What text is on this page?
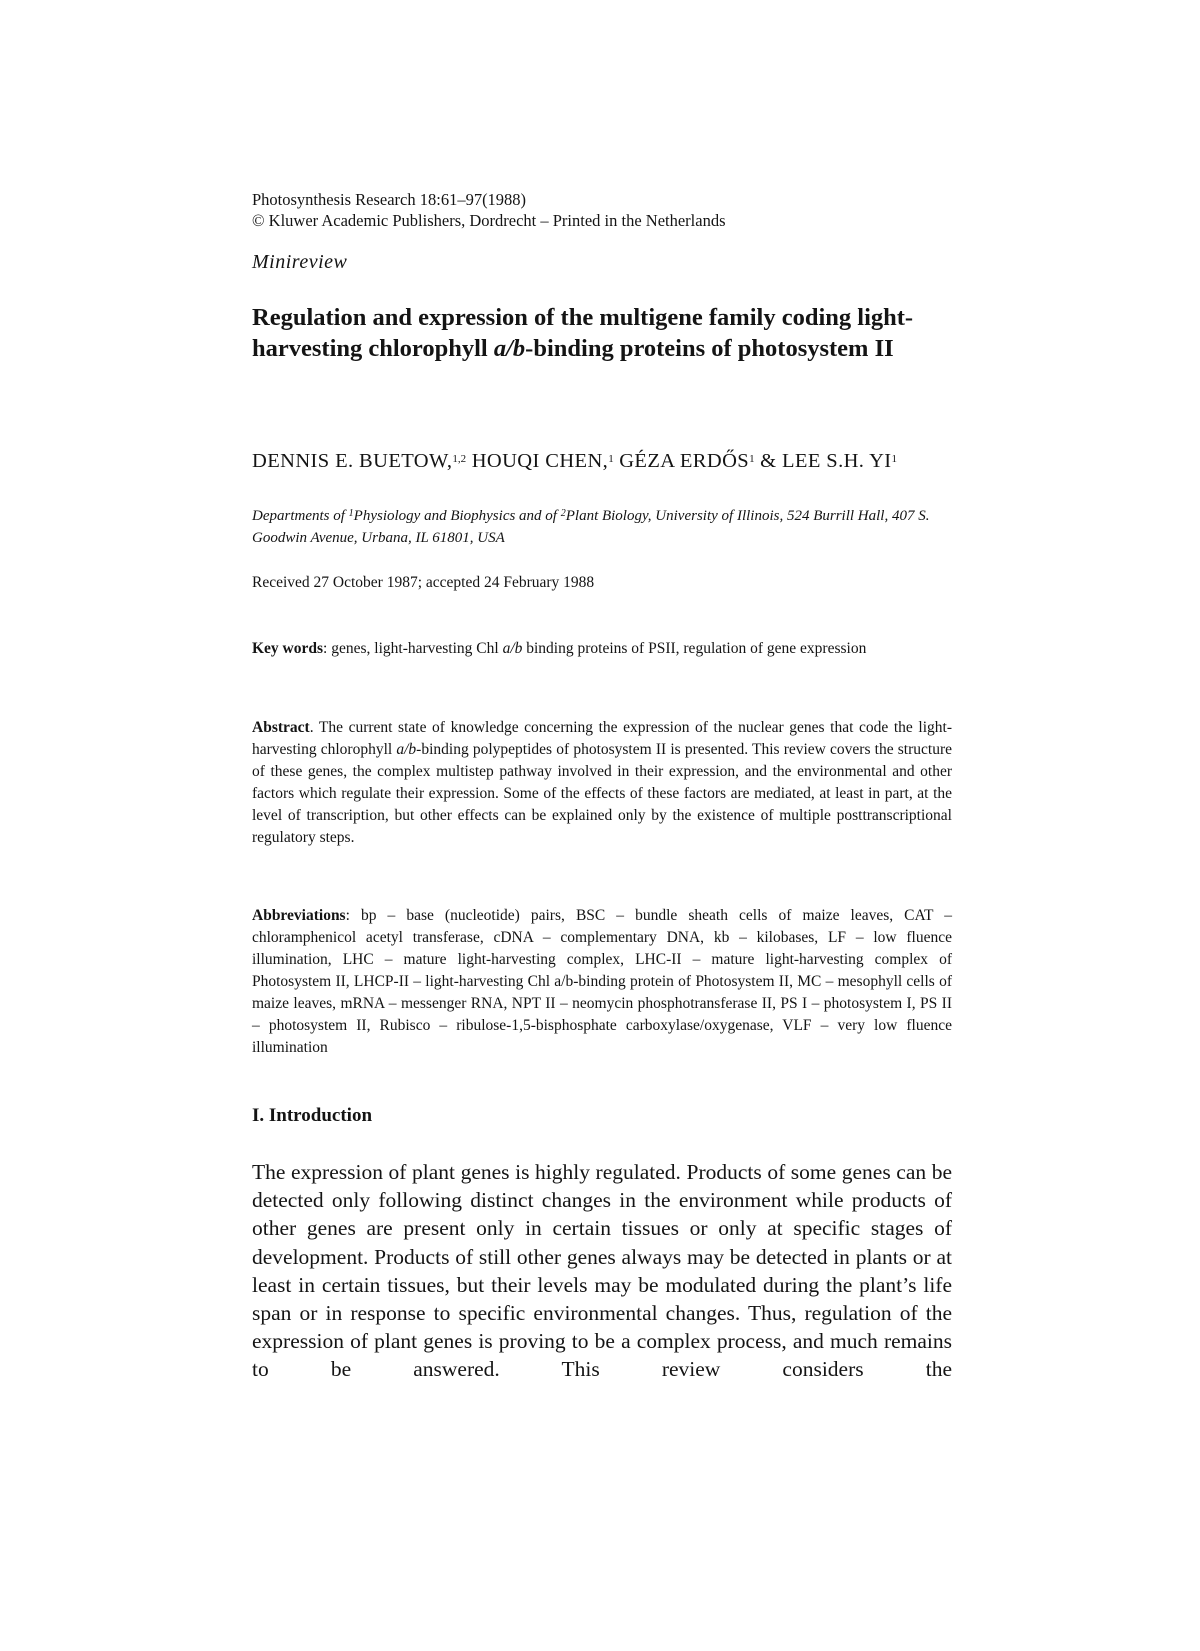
Photosynthesis Research 18:61–97(1988)
© Kluwer Academic Publishers, Dordrecht – Printed in the Netherlands
Minireview
Regulation and expression of the multigene family coding light-harvesting chlorophyll a/b-binding proteins of photosystem II
DENNIS E. BUETOW,$^{1,2}$ HOUQI CHEN,$^1$ GÉZA ERDŐS$^1$ & LEE S.H. $YI^1$
Departments of $^1$Physiology and Biophysics and of $^2$Plant Biology, University of Illinois, 524 Burrill Hall, 407 S. Goodwin Avenue, Urbana, IL 61801, USA
Received 27 October 1987; accepted 24 February 1988
Key words: genes, light-harvesting Chl a/b binding proteins of PSII, regulation of gene expression
Abstract. The current state of knowledge concerning the expression of the nuclear genes that code the light-harvesting chlorophyll a/b-binding polypeptides of photosystem II is presented. This review covers the structure of these genes, the complex multistep pathway involved in their expression, and the environmental and other factors which regulate their expression. Some of the effects of these factors are mediated, at least in part, at the level of transcription, but other effects can be explained only by the existence of multiple posttranscriptional regulatory steps.
Abbreviations: bp – base (nucleotide) pairs, BSC – bundle sheath cells of maize leaves, CAT – chloramphenicol acetyl transferase, cDNA – complementary DNA, kb – kilobases, LF – low fluence illumination, LHC – mature light-harvesting complex, LHC-II – mature light-harvesting complex of Photosystem II, LHCP-II – light-harvesting Chl a/b-binding protein of Photosystem II, MC – mesophyll cells of maize leaves, mRNA – messenger RNA, NPT II – neomycin phosphotransferase II, PS I – photosystem I, PS II – photosystem II, Rubisco – ribulose-1,5-bisphosphate carboxylase/oxygenase, VLF – very low fluence illumination
I. Introduction
The expression of plant genes is highly regulated. Products of some genes can be detected only following distinct changes in the environment while products of other genes are present only in certain tissues or only at specific stages of development. Products of still other genes always may be detected in plants or at least in certain tissues, but their levels may be modulated during the plant’s life span or in response to specific environmental changes. Thus, regulation of the expression of plant genes is proving to be a complex process, and much remains to be answered. This review considers the
